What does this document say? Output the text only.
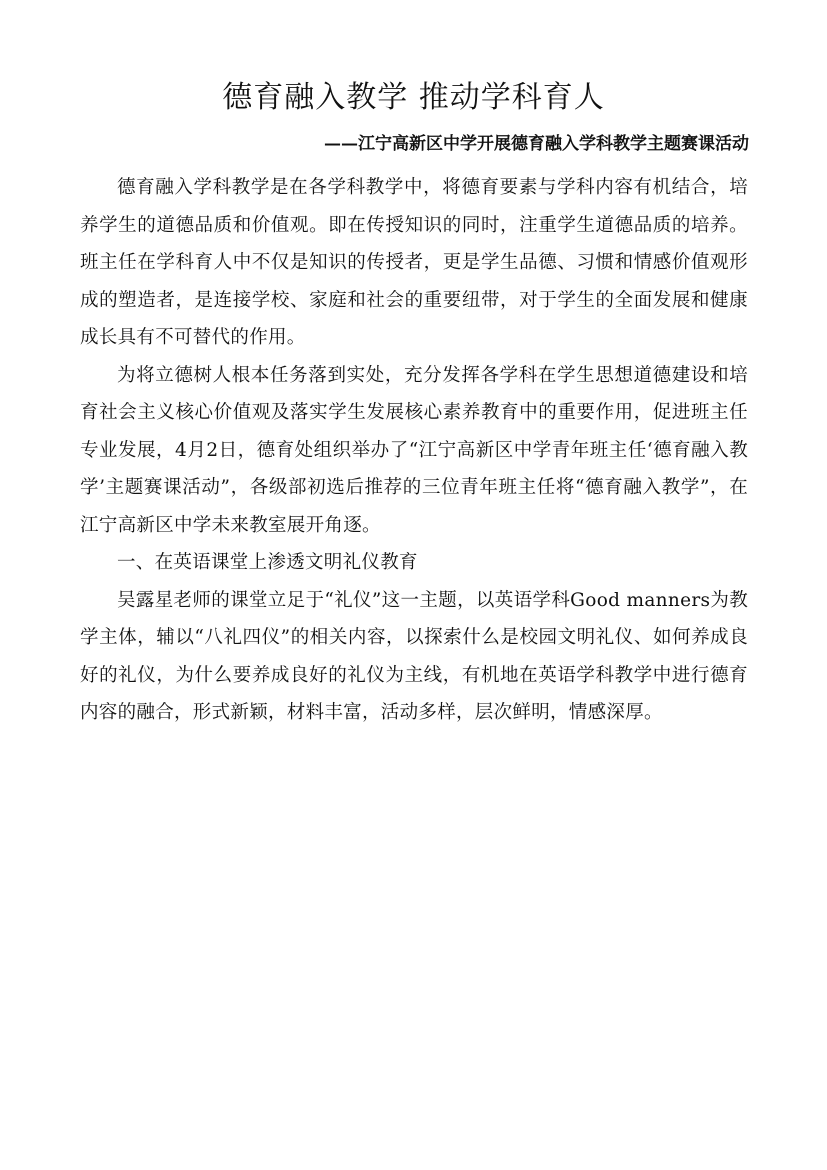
德育融入教学 推动学科育人

——江宁高新区中学开展德育融入学科教学主题赛课活动

德育融入学科教学是在各学科教学中，将德育要素与学科内容有机结合，培养学生的道德品质和价值观。即在传授知识的同时，注重学生道德品质的培养。班主任在学科育人中不仅是知识的传授者，更是学生品德、习惯和情感价值观形成的塑造者，是连接学校、家庭和社会的重要纽带，对于学生的全面发展和健康成长具有不可替代的作用。

为将立德树人根本任务落到实处，充分发挥各学科在学生思想道德建设和培育社会主义核心价值观及落实学生发展核心素养教育中的重要作用，促进班主任专业发展，4月2日，德育处组织举办了“江宁高新区中学青年班主任‘德育融入教学’主题赛课活动”，各级部初选后推荐的三位青年班主任将“德育融入教学”，在江宁高新区中学未来教室展开角逐。

一、在英语课堂上渗透文明礼仪教育

吴露星老师的课堂立足于“礼仪”这一主题，以英语学科Good manners为教学主体，辅以“八礼四仪”的相关内容，以探索什么是校园文明礼仪、如何养成良好的礼仪，为什么要养成良好的礼仪为主线，有机地在英语学科教学中进行德育内容的融合，形式新颖，材料丰富，活动多样，层次鲜明，情感深厚。
